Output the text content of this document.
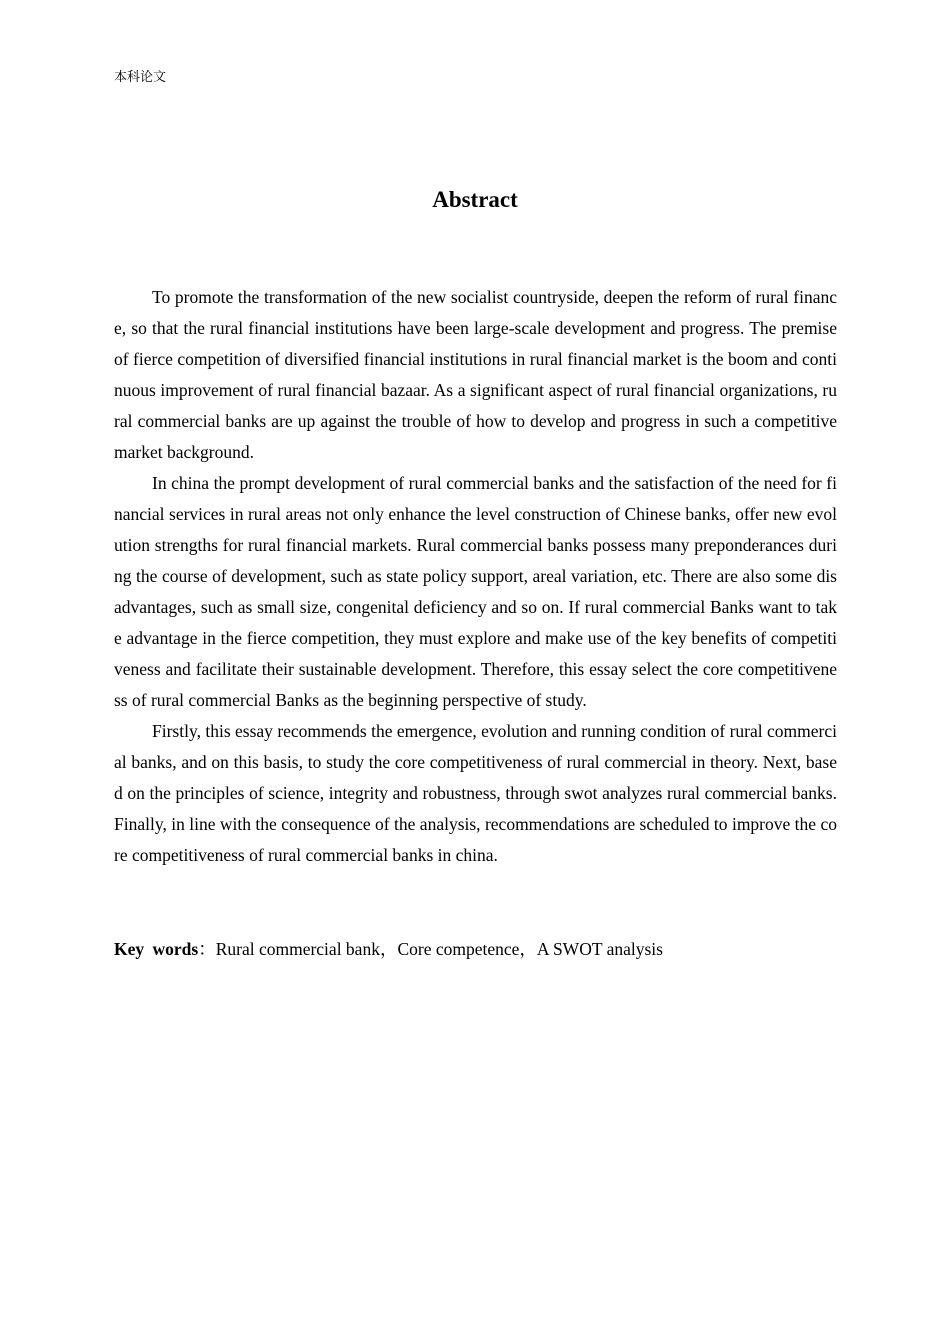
本科论文
Abstract

To promote the transformation of the new socialist countryside, deepen the reform of rural finance, so that the rural financial institutions have been large-scale development and progress. The premise of fierce competition of diversified financial institutions in rural financial market is the boom and continuous improvement of rural financial bazaar. As a significant aspect of rural financial organizations, rural commercial banks are up against the trouble of how to develop and progress in such a competitive market background.

In china the prompt development of rural commercial banks and the satisfaction of the need for financial services in rural areas not only enhance the level construction of Chinese banks, offer new evolution strengths for rural financial markets. Rural commercial banks possess many preponderances during the course of development, such as state policy support, areal variation, etc. There are also some disadvantages, such as small size, congenital deficiency and so on. If rural commercial Banks want to take advantage in the fierce competition, they must explore and make use of the key benefits of competitiveness and facilitate their sustainable development. Therefore, this essay select the core competitiveness of rural commercial Banks as the beginning perspective of study.

Firstly, this essay recommends the emergence, evolution and running condition of rural commercial banks, and on this basis, to study the core competitiveness of rural commercial in theory. Next, based on the principles of science, integrity and robustness, through swot analyzes rural commercial banks. Finally, in line with the consequence of the analysis, recommendations are scheduled to improve the core competitiveness of rural commercial banks in china.

Key words：Rural commercial bank，Core competence，A SWOT analysis
